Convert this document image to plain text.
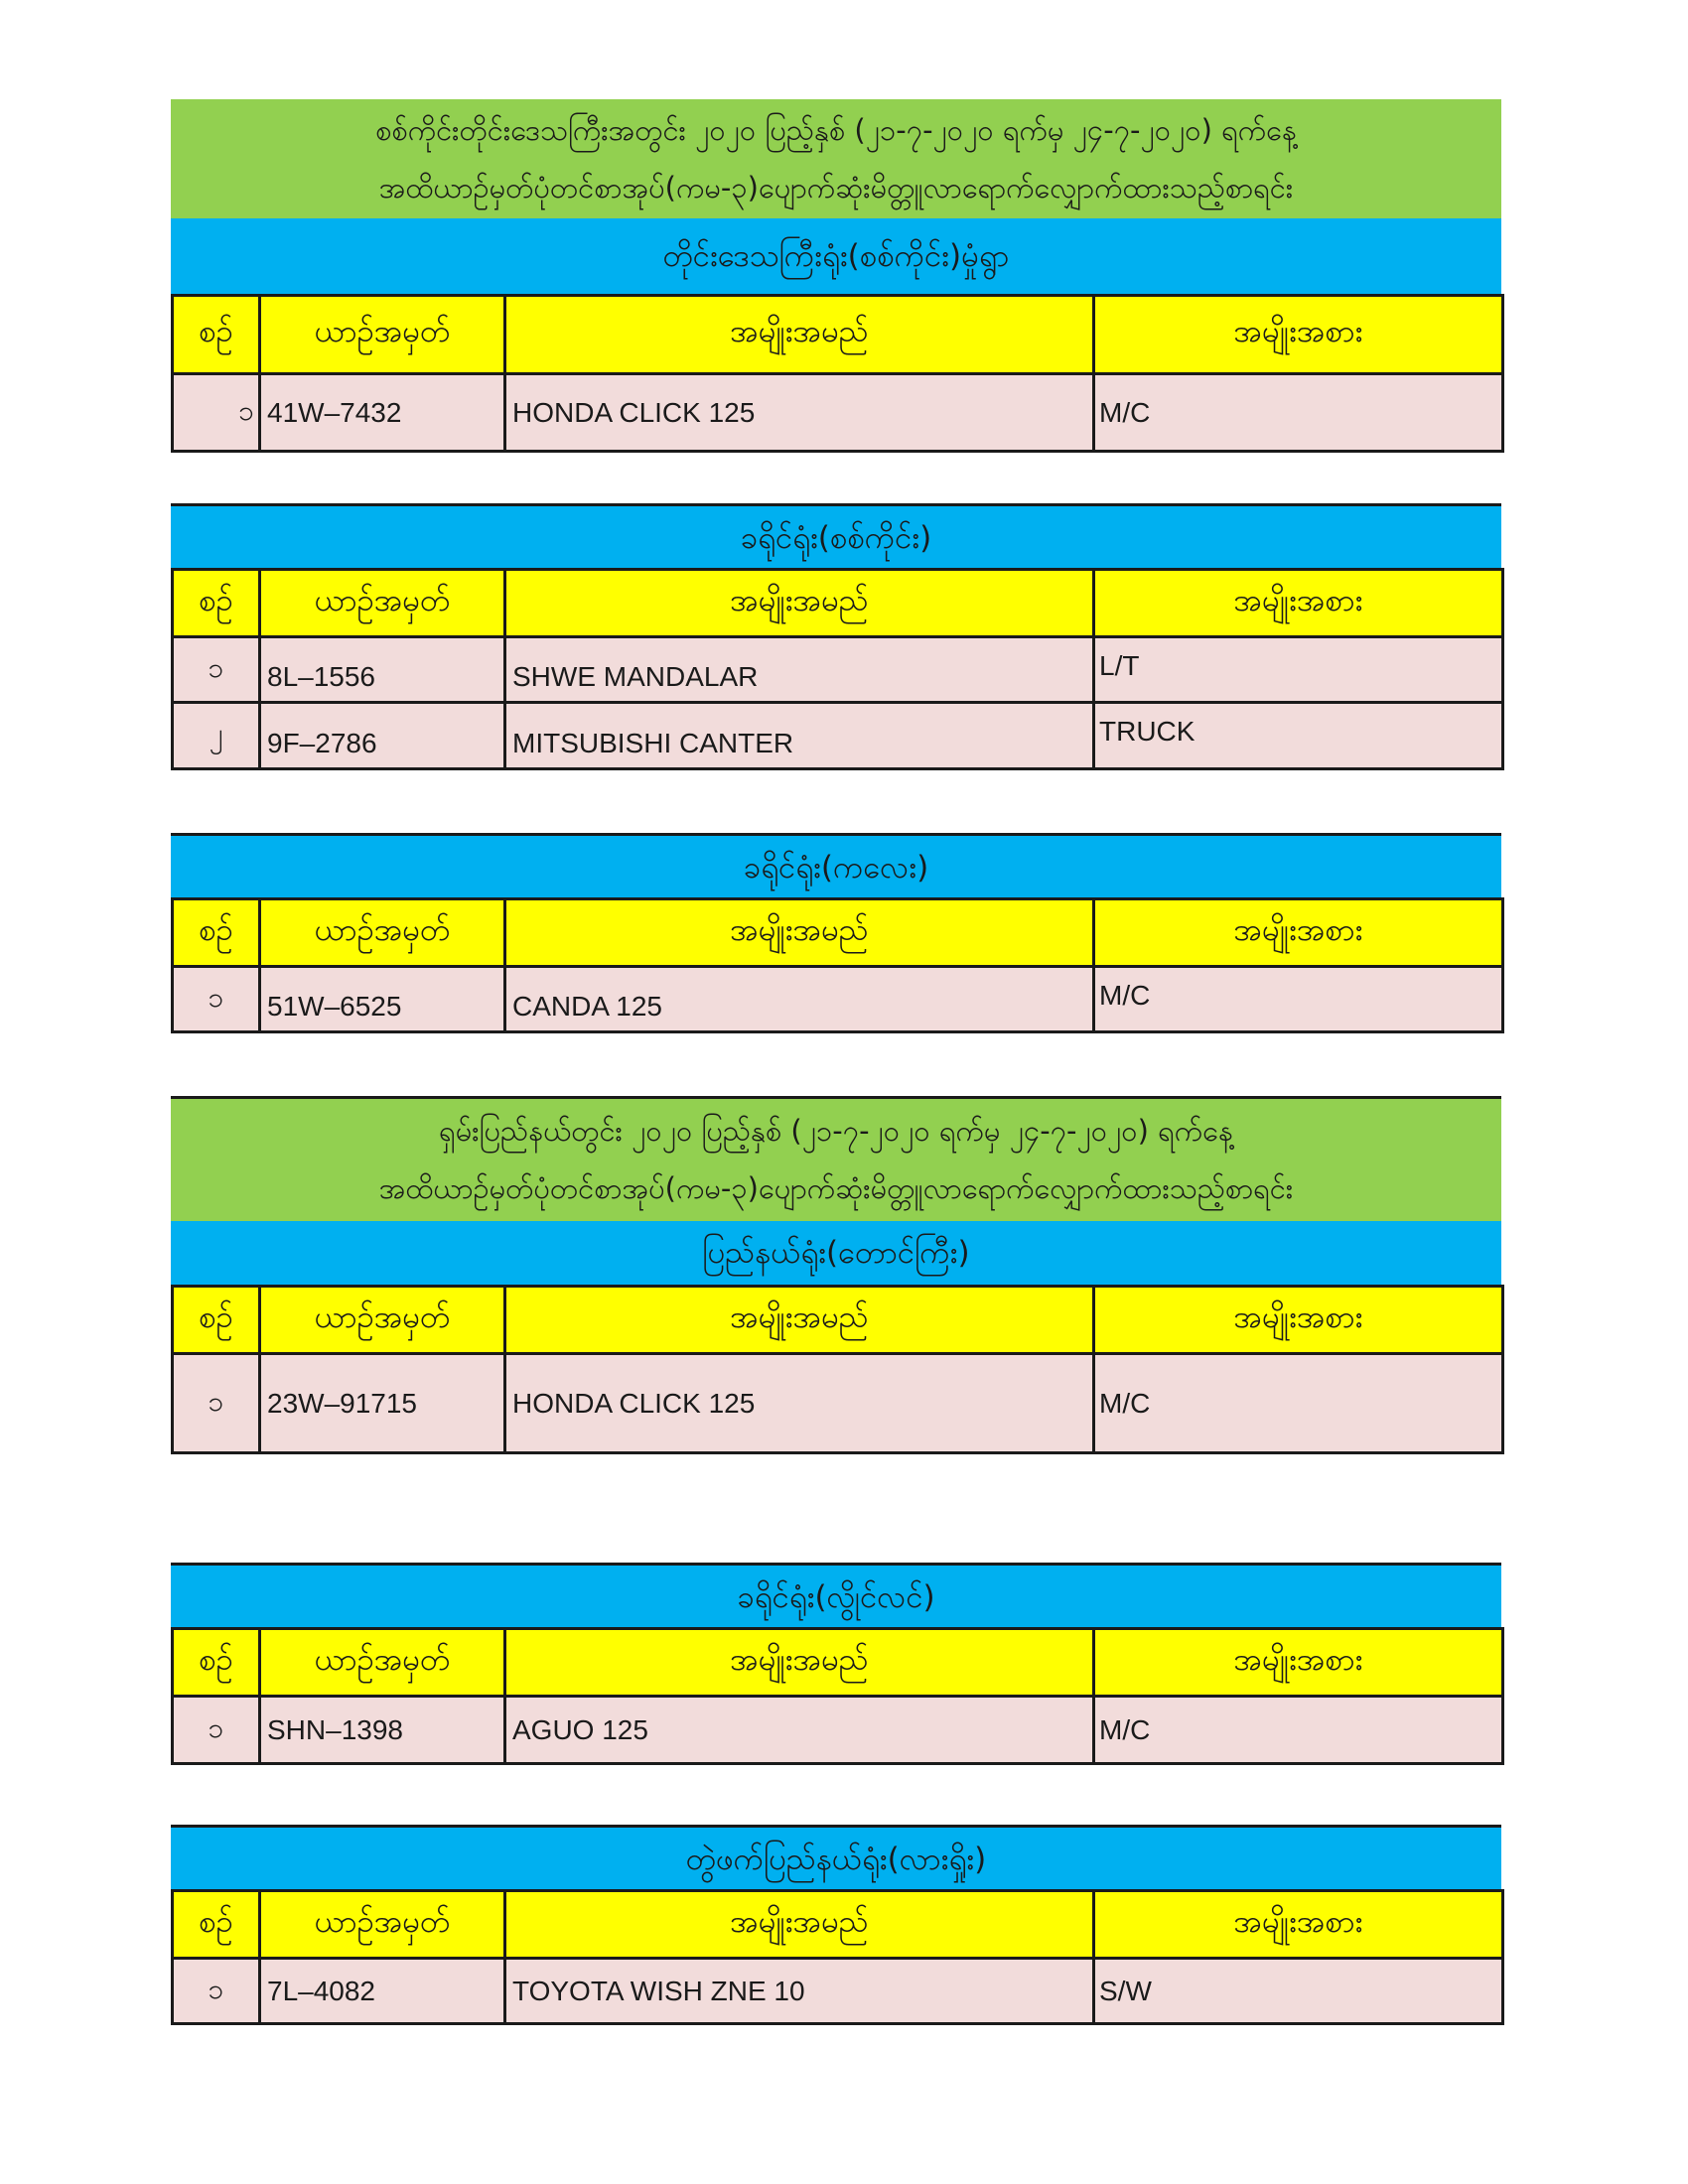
စစ်ကိုင်းတိုင်းဒေသကြီးအတွင်း ၂၀၂၀ ပြည့်နှစ် (၂၁-၇-၂၀၂၀ ရက်မှ ၂၄-၇-၂၀၂၀) ရက်နေ့
အထိယာဉ်မှတ်ပုံတင်စာအုပ်(ကမ-၃)ပျောက်ဆုံးမိတ္တူလာရောက်လျှောက်ထားသည့်စာရင်း
တိုင်းဒေသကြီးရုံး(စစ်ကိုင်း)မှုံရွာ
စဉ်	ယာဉ်အမှတ်	အမျိုးအမည်	အမျိုးအစား
၁	41W–7432	HONDA CLICK 125	M/C
ခရိုင်ရုံး(စစ်ကိုင်း)
စဉ်	ယာဉ်အမှတ်	အမျိုးအမည်	အမျိုးအစား
၁	8L–1556	SHWE MANDALAR	L/T
၂	9F–2786	MITSUBISHI CANTER	TRUCK
ခရိုင်ရုံး(ကလေး)
စဉ်	ယာဉ်အမှတ်	အမျိုးအမည်	အမျိုးအစား
၁	51W–6525	CANDA 125	M/C
ရှမ်းပြည်နယ်တွင်း ၂၀၂၀ ပြည့်နှစ် (၂၁-၇-၂၀၂၀ ရက်မှ ၂၄-၇-၂၀၂၀) ရက်နေ့
အထိယာဉ်မှတ်ပုံတင်စာအုပ်(ကမ-၃)ပျောက်ဆုံးမိတ္တူလာရောက်လျှောက်ထားသည့်စာရင်း
ပြည်နယ်ရုံး(တောင်ကြီး)
စဉ်	ယာဉ်အမှတ်	အမျိုးအမည်	အမျိုးအစား
၁	23W–91715	HONDA CLICK 125	M/C
ခရိုင်ရုံး(လွိုင်လင်)
စဉ်	ယာဉ်အမှတ်	အမျိုးအမည်	အမျိုးအစား
၁	SHN–1398	AGUO 125	M/C
တွဲဖက်ပြည်နယ်ရုံး(လားရှိုး)
စဉ်	ယာဉ်အမှတ်	အမျိုးအမည်	အမျိုးအစား
၁	7L–4082	TOYOTA WISH ZNE 10	S/W
